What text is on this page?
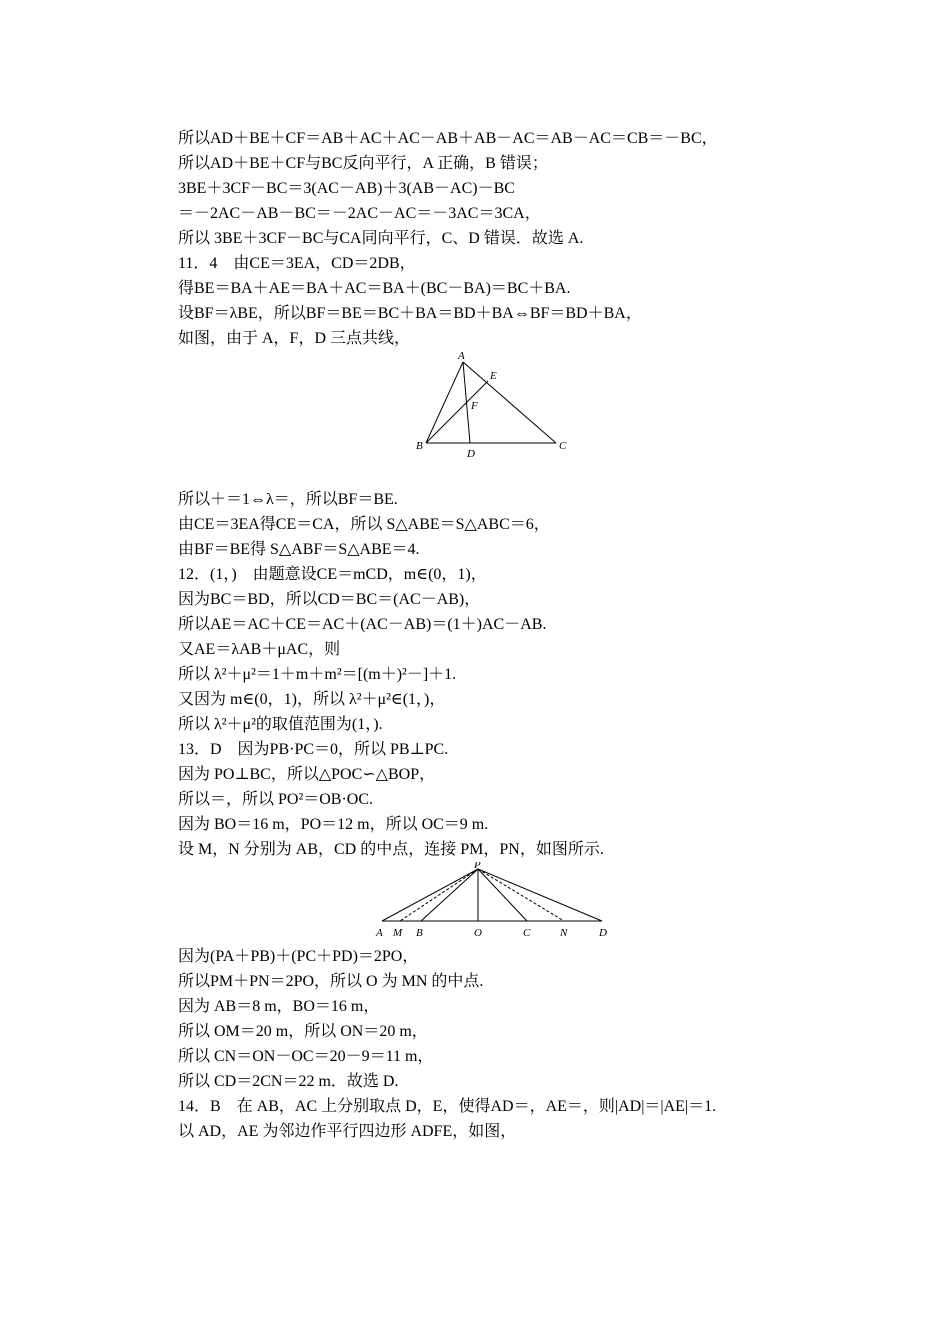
所以AD＋BE＋CF＝AB＋AC＋AC－AB＋AB－AC＝AB－AC＝CB＝－BC，
所以AD＋BE＋CF与BC反向平行，A 正确，B 错误；
3BE＋3CF－BC＝3(AC－AB)＋3(AB－AC)－BC
＝－2AC－AB－BC＝－2AC－AC＝－3AC＝3CA，
所以 3BE＋3CF－BC与CA同向平行，C、D 错误．故选 A.
11．4　由CE＝3EA，CD＝2DB，
得BE＝BA＋AE＝BA＋AC＝BA＋(BC－BA)＝BC＋BA.
设BF＝λBE，所以BF＝BE＝BC＋BA＝BD＋BA⇔BF＝BD＋BA，
如图，由于 A，F，D 三点共线，
A
E
F
B
D
C
所以＋＝1⇔λ＝，所以BF＝BE.
由CE＝3EA得CE＝CA，所以 S△ABE＝S△ABC＝6，
由BF＝BE得 S△ABF＝S△ABE＝4.
12．(1，)　由题意设CE＝mCD，m∈(0，1)，
因为BC＝BD，所以CD＝BC＝(AC－AB)，
所以AE＝AC＋CE＝AC＋(AC－AB)＝(1＋)AC－AB.
又AE＝λAB＋μAC，则
所以 λ²＋μ²＝1＋m＋m²＝[(m＋)²－]＋1.
又因为 m∈(0，1)，所以 λ²＋μ²∈(1，)，
所以 λ²＋μ²的取值范围为(1，).
13．D　因为PB·PC＝0，所以 PB⊥PC.
因为 PO⊥BC，所以△POC∽△BOP，
所以＝，所以 PO²＝OB·OC.
因为 BO＝16 m，PO＝12 m，所以 OC＝9 m.
设 M，N 分别为 AB，CD 的中点，连接 PM，PN，如图所示.
P
A M B	O	C	N	D
因为(PA＋PB)＋(PC＋PD)＝2PO，
所以PM＋PN＝2PO，所以 O 为 MN 的中点.
因为 AB＝8 m，BO＝16 m，
所以 OM＝20 m，所以 ON＝20 m，
所以 CN＝ON－OC＝20－9＝11 m，
所以 CD＝2CN＝22 m．故选 D.
14．B　在 AB，AC 上分别取点 D，E，使得AD＝，AE＝，则|AD|＝|AE|＝1.
以 AD，AE 为邻边作平行四边形 ADFE，如图，
